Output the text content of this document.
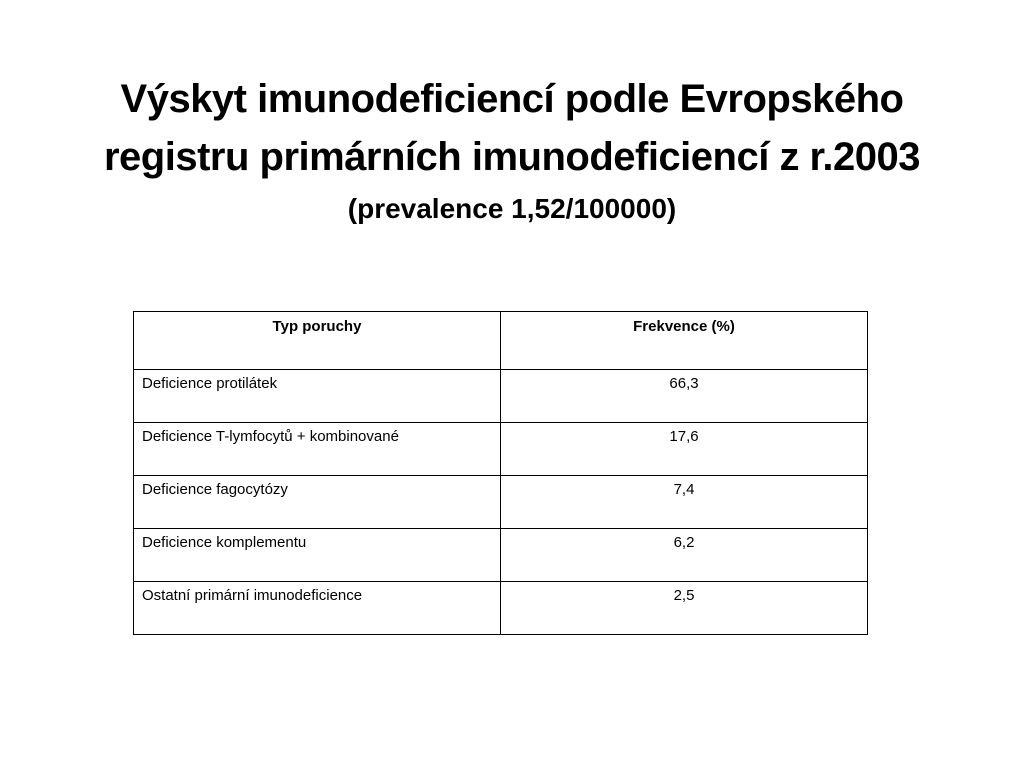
Výskyt imunodeficiencí podle Evropského
registru primárních imunodeficiencí z r.2003
(prevalence 1,52/100000)
Typ poruchy	Frekvence (%)
Deficience protilátek	66,3
Deficience T-lymfocytů + kombinované	17,6
Deficience fagocytózy	7,4
Deficience komplementu	6,2
Ostatní primární imunodeficience	2,5
